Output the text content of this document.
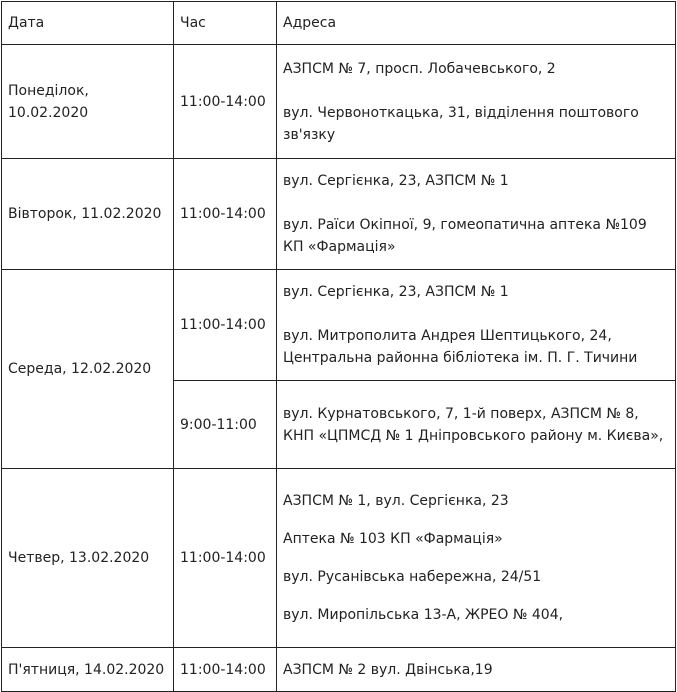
Дата	Час	Адреса
Понеділок, 10.02.2020	11:00-14:00	АЗПСМ № 7, просп. Лобачевського, 2

вул. Червоноткацька, 31, відділення поштового зв'язку

Вівторок, 11.02.2020	11:00-14:00	вул. Сергієнка, 23, АЗПСМ № 1

вул. Раїси Окіпної, 9, гомеопатична аптека №109 КП «Фармація»

Середа, 12.02.2020	11:00-14:00	вул. Сергієнка, 23, АЗПСМ № 1

вул. Митрополита Андрея Шептицького, 24, Центральна районна бібліотека ім. П. Г. Тичини

	9:00-11:00	вул. Курнатовського, 7, 1-й поверх, АЗПСМ № 8, КНП «ЦПМСД № 1 Дніпровського району м. Києва»,

Четвер, 13.02.2020	11:00-14:00	АЗПСМ № 1, вул. Сергієнка, 23

Аптека № 103 КП «Фармація»

вул. Русанівська набережна, 24/51

вул. Миропільська 13-А, ЖРЕО № 404,

П'ятниця, 14.02.2020	11:00-14:00	АЗПСМ № 2 вул. Двінська,19
